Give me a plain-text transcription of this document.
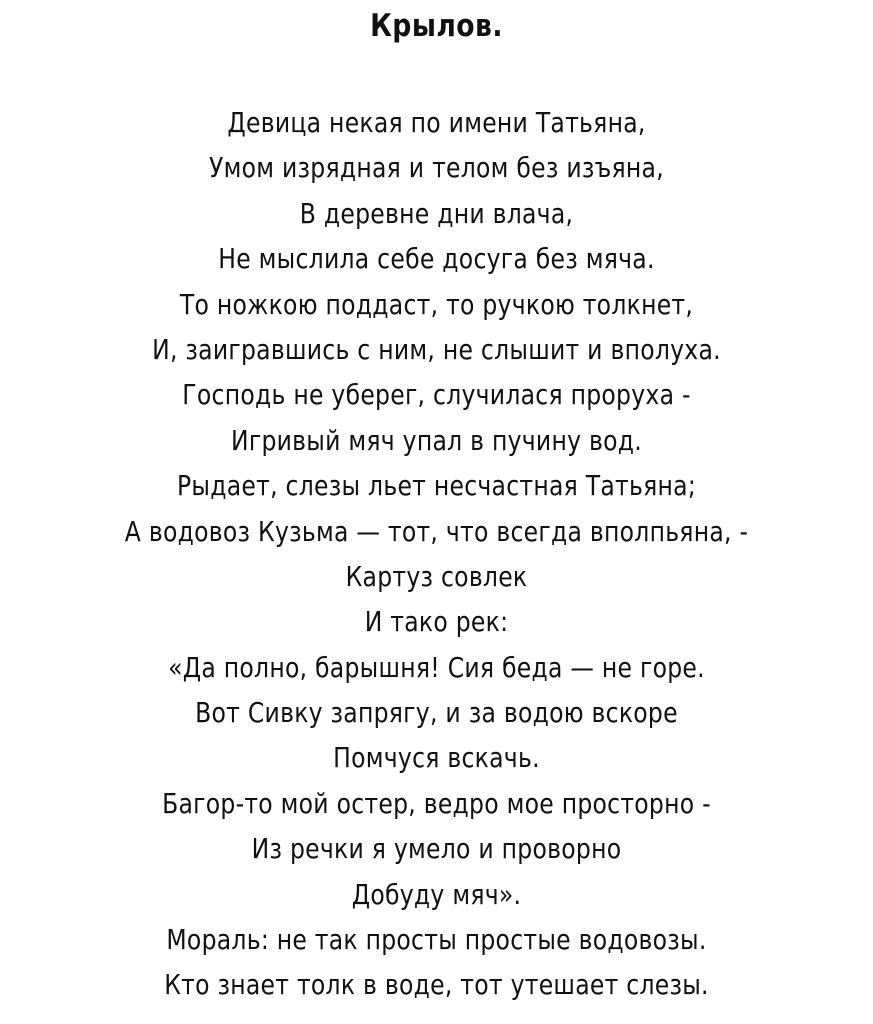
Крылов.
Девица некая по имени Татьяна,
Умом изрядная и телом без изъяна,
В деревне дни влача,
Не мыслила себе досуга без мяча.
То ножкою поддаст, то ручкою толкнет,
И, заигравшись с ним, не слышит и вполуха.
Господь не уберег, случилася проруха -
Игривый мяч упал в пучину вод.
Рыдает, слезы льет несчастная Татьяна;
А водовоз Кузьма — тот, что всегда вполпьяна, -
Картуз совлек
И тако рек:
«Да полно, барышня! Сия беда — не горе.
Вот Сивку запрягу, и за водою вскоре
Помчуся вскачь.
Багор-то мой остер, ведро мое просторно -
Из речки я умело и проворно
Добуду мяч».
Мораль: не так просты простые водовозы.
Кто знает толк в воде, тот утешает слезы.
